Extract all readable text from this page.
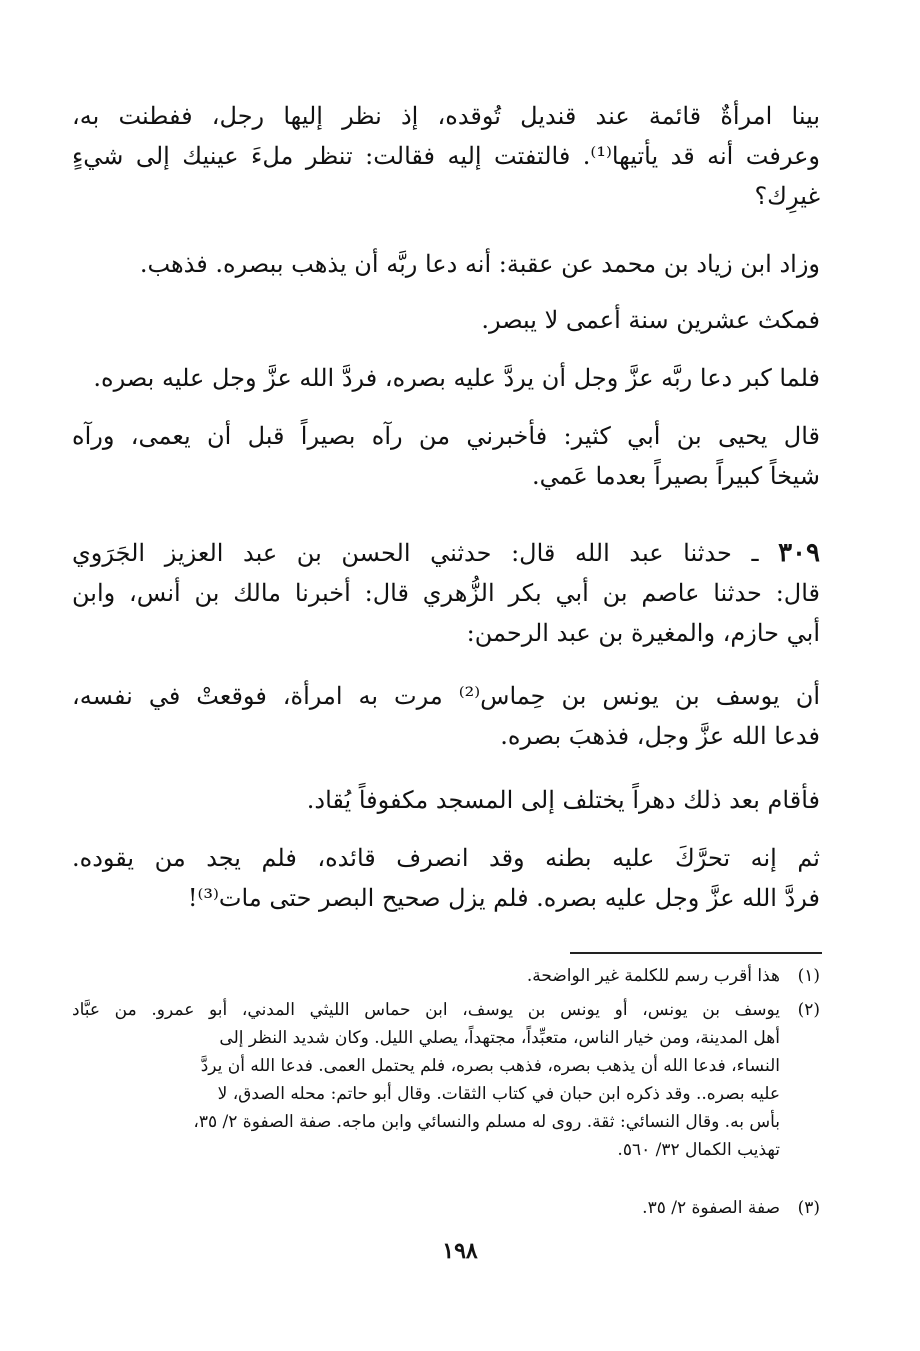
بينا امرأةٌ قائمة عند قنديل تُوقده، إذ نظر إليها رجل، ففطنت به،
وعرفت أنه قد يأتيها⁽¹⁾. فالتفتت إليه فقالت: تنظر ملءَ عينيك إلى شيءٍ
غيرِك؟
وزاد ابن زياد بن محمد عن عقبة: أنه دعا ربَّه أن يذهب ببصره. فذهب.
فمكث عشرين سنة أعمى لا يبصر.
فلما كبر دعا ربَّه عزَّ وجل أن يردَّ عليه بصره، فردَّ الله عزَّ وجل عليه بصره.
قال يحيى بن أبي كثير: فأخبرني من رآه بصيراً قبل أن يعمى، ورآه
شيخاً كبيراً بصيراً بعدما عَمي.
٣٠٩ ـ حدثنا عبد الله قال: حدثني الحسن بن عبد العزيز الجَرَوي
قال: حدثنا عاصم بن أبي بكر الزُّهري قال: أخبرنا مالك بن أنس، وابن
أبي حازم، والمغيرة بن عبد الرحمن:
أن يوسف بن يونس بن حِماس⁽²⁾ مرت به امرأة، فوقعتْ في نفسه،
فدعا الله عزَّ وجل، فذهبَ بصره.
فأقام بعد ذلك دهراً يختلف إلى المسجد مكفوفاً يُقاد.
ثم إنه تحرَّكَ عليه بطنه وقد انصرف قائده، فلم يجد من يقوده.
فردَّ الله عزَّ وجل عليه بصره. فلم يزل صحيح البصر حتى مات⁽³⁾!
(١)هذا أقرب رسم للكلمة غير الواضحة.
(٢)يوسف بن يونس، أو يونس بن يوسف، ابن حماس الليثي المدني، أبو عمرو. من عبَّاد
أهل المدينة، ومن خيار الناس، متعبِّداً، مجتهداً، يصلي الليل. وكان شديد النظر إلى
النساء، فدعا الله أن يذهب بصره، فذهب بصره، فلم يحتمل العمى. فدعا الله أن يردَّ
عليه بصره.. وقد ذكره ابن حبان في كتاب الثقات. وقال أبو حاتم: محله الصدق، لا
بأس به. وقال النسائي: ثقة. روى له مسلم والنسائي وابن ماجه. صفة الصفوة ٢/ ٣٥،
تهذيب الكمال ٣٢/ ٥٦٠.
(٣)صفة الصفوة ٢/ ٣٥.
١٩٨
